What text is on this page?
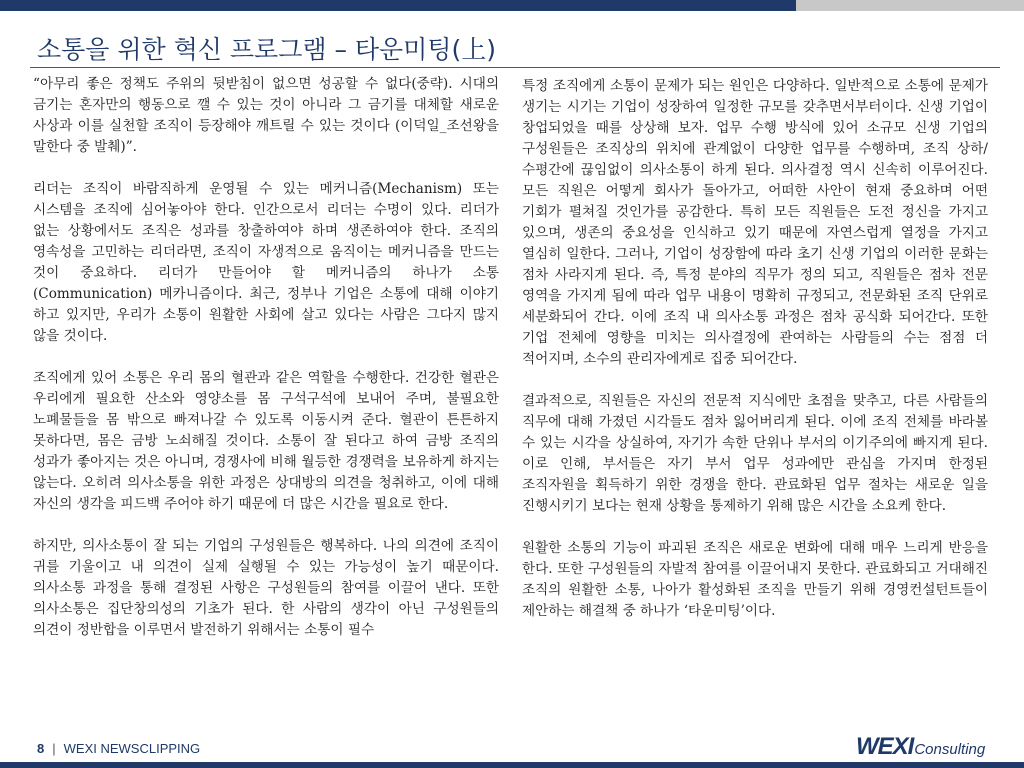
소통을 위한 혁신 프로그램 – 타운미팅(上)

“아무리 좋은 정책도 주위의 뒷받침이 없으면 성공할 수 없다(중략). 시대의 금기는 혼자만의 행동으로 깰 수 있는 것이 아니라 그 금기를 대체할 새로운 사상과 이를 실천할 조직이 등장해야 깨트릴 수 있는 것이다 (이덕일_조선왕을 말한다 중 발췌)”.

리더는 조직이 바람직하게 운영될 수 있는 메커니즘(Mechanism) 또는 시스템을 조직에 심어놓아야 한다. 인간으로서 리더는 수명이 있다. 리더가 없는 상황에서도 조직은 성과를 창출하여야 하며 생존하여야 한다. 조직의 영속성을 고민하는 리더라면, 조직이 자생적으로 움직이는 메커니즘을 만드는 것이 중요하다. 리더가 만들어야 할 메커니즘의 하나가 소통(Communication) 메카니즘이다. 최근, 정부나 기업은 소통에 대해 이야기 하고 있지만, 우리가 소통이 원활한 사회에 살고 있다는 사람은 그다지 많지 않을 것이다.

조직에게 있어 소통은 우리 몸의 혈관과 같은 역할을 수행한다. 건강한 혈관은 우리에게 필요한 산소와 영양소를 몸 구석구석에 보내어 주며, 불필요한 노폐물들을 몸 밖으로 빠져나갈 수 있도록 이동시켜 준다. 혈관이 튼튼하지 못하다면, 몸은 금방 노쇠해질 것이다. 소통이 잘 된다고 하여 금방 조직의 성과가 좋아지는 것은 아니며, 경쟁사에 비해 월등한 경쟁력을 보유하게 하지는 않는다. 오히려 의사소통을 위한 과정은 상대방의 의견을 청취하고, 이에 대해 자신의 생각을 피드백 주어야 하기 때문에 더 많은 시간을 필요로 한다.

하지만, 의사소통이 잘 되는 기업의 구성원들은 행복하다. 나의 의견에 조직이 귀를 기울이고 내 의견이 실제 실행될 수 있는 가능성이 높기 때문이다. 의사소통 과정을 통해 결정된 사항은 구성원들의 참여를 이끌어 낸다. 또한 의사소통은 집단창의성의 기초가 된다. 한 사람의 생각이 아닌 구성원들의 의견이 정반합을 이루면서 발전하기 위해서는 소통이 필수

특정 조직에게 소통이 문제가 되는 원인은 다양하다. 일반적으로 소통에 문제가 생기는 시기는 기업이 성장하여 일정한 규모를 갖추면서부터이다. 신생 기업이 창업되었을 때를 상상해 보자. 업무 수행 방식에 있어 소규모 신생 기업의 구성원들은 조직상의 위치에 관계없이 다양한 업무를 수행하며, 조직 상하/수평간에 끊임없이 의사소통이 하게 된다. 의사결정 역시 신속히 이루어진다. 모든 직원은 어떻게 회사가 돌아가고, 어떠한 사안이 현재 중요하며 어떤 기회가 펼쳐질 것인가를 공감한다. 특히 모든 직원들은 도전 정신을 가지고 있으며, 생존의 중요성을 인식하고 있기 때문에 자연스럽게 열정을 가지고 열심히 일한다. 그러나, 기업이 성장함에 따라 초기 신생 기업의 이러한 문화는 점차 사라지게 된다. 즉, 특정 분야의 직무가 정의 되고, 직원들은 점차 전문 영역을 가지게 됨에 따라 업무 내용이 명확히 규정되고, 전문화된 조직 단위로 세분화되어 간다. 이에 조직 내 의사소통 과정은 점차 공식화 되어간다. 또한 기업 전체에 영향을 미치는 의사결정에 관여하는 사람들의 수는 점점 더 적어지며, 소수의 관리자에게로 집중 되어간다.

결과적으로, 직원들은 자신의 전문적 지식에만 초점을 맞추고, 다른 사람들의 직무에 대해 가졌던 시각들도 점차 잃어버리게 된다. 이에 조직 전체를 바라볼 수 있는 시각을 상실하여, 자기가 속한 단위나 부서의 이기주의에 빠지게 된다. 이로 인해, 부서들은 자기 부서 업무 성과에만 관심을 가지며 한정된 조직자원을 획득하기 위한 경쟁을 한다. 관료화된 업무 절차는 새로운 일을 진행시키기 보다는 현재 상황을 통제하기 위해 많은 시간을 소요케 한다.

원활한 소통의 기능이 파괴된 조직은 새로운 변화에 대해 매우 느리게 반응을 한다. 또한 구성원들의 자발적 참여를 이끌어내지 못한다. 관료화되고 거대해진 조직의 원활한 소통, 나아가 활성화된 조직을 만들기 위해 경영컨설턴트들이 제안하는 해결책 중 하나가 ‘타운미팅’이다.

8 | WEXI NEWSCLIPPING	WEXIConsulting
